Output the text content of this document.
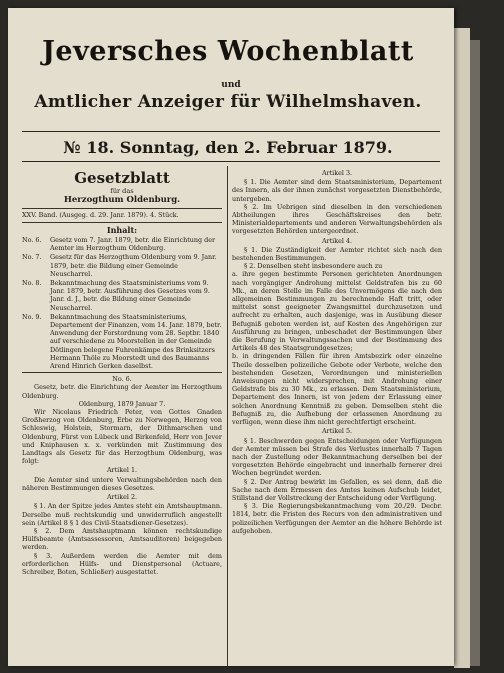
Jeversches Wochenblatt
und
Amtlicher Anzeiger für Wilhelmshaven.
№ 18. Sonntag, den 2. Februar 1879.
Gesetzblatt
für das
Herzogthum Oldenburg.
XXV. Band. (Ausgeg. d. 29. Janr. 1879). 4. Stück.
Inhalt:
No. 6.	Gesetz vom 7. Janr. 1879, betr. die Einrichtung der Aemter im Herzogthum Oldenburg.
No. 7.	Gesetz für das Herzogthum Oldenburg vom 9. Janr. 1879, betr. die Bildung einer Gemeinde Neuscharrel.
No. 8.	Bekanntmachung des Staatsministeriums vom 9. Janr. 1879, betr. Ausführung des Gesetzes vom 9. Janr. d. J., betr. die Bildung einer Gemeinde Neuscharrel.
No. 9.	Bekanntmachung des Staatsministeriums, Departement der Finanzen, vom 14. Janr. 1879, betr. Anwendung der Forstordnung vom 28. Septbr. 1840 auf verschiedene zu Moorstellen in der Gemeinde Dötlingen belegene Fuhrenkämpe des Brinksitzers Hermann Thöle zu Moorstedt und des Baumanns Arend Hinrich Gerken daselbst.
No. 6.
Gesetz, betr. die Einrichtung der Aemter im Herzogthum Oldenburg.
Oldenburg, 1879 Januar 7.
Wir Nicolaus Friedrich Peter, von Gottes Gnaden Großherzog von Oldenburg, Erbe zu Norwegen, Herzog von Schleswig, Holstein, Stormarn, der Dithmarschen und Oldenburg, Fürst von Lübeck und Birkenfeld, Herr von Jever und Kniphausen x. x. verkünden mit Zustimmung des Landtags als Gesetz für das Herzogthum Oldenburg, was folgt:
Artikel 1.
Die Aemter sind untere Verwaltungsbehörden nach den näheren Bestimmungen dieses Gesetzes.
Artikel 2.
§ 1. An der Spitze jedes Amtes steht ein Amtshauptmann. Derselbe muß rechtskundig und unwiderruflich angestellt sein (Artikel 8 § 1 des Civil-Staatsdiener-Gesetzes).
§ 2. Dem Amtshauptmann können rechtskundige Hülfsbeamte (Amtsassessoren, Amtsauditoren) beigegeben werden.
§ 3. Außerdem werden die Aemter mit dem erforderlichen Hülfs- und Dienstpersonal (Actuare, Schreiber, Boten, Schließer) ausgestattet.
Artikel 3.
§ 1. Die Aemter sind dem Staatsministerium, Departement des Innern, als der ihnen zunächst vorgesetzten Dienstbehörde, untergeben.
§ 2. Im Uebrigen sind dieselben in den verschiedenen Abtheilungen ihres Geschäftskreises den betr. Ministerialdepartements und anderen Verwaltungsbehörden als vorgesetzten Behörden untergeordnet.
Artikel 4.
§ 1. Die Zuständigkeit der Aemter richtet sich nach den bestehenden Bestimmungen.
§ 2. Denselben steht insbesondere auch zu
a. ihre gegen bestimmte Personen gerichteten Anordnungen nach vorgängiger Androhung mittelst Geldstrafen bis zu 60 Mk., an deren Stelle im Falle des Unvermögens die nach den allgemeinen Bestimmungen zu berechnende Haft tritt, oder mittelst sonst geeigneter Zwangsmittel durchzusetzen und aufrecht zu erhalten, auch dasjenige, was in Ausübung dieser Befugniß geboten werden ist, auf Kosten des Angehörigen zur Ausführung zu bringen, unbeschadet der Bestimmungen über die Berufung in Verwaltungssachen und der Bestimmung des Artikels 48 des Staatsgrundgesetzes;
b. in dringenden Fällen für ihren Amtsbezirk oder einzelne Theile desselben polizeiliche Gebote oder Verbote, welche den bestehenden Gesetzen, Verordnungen und ministeriellen Anweisungen nicht widersprechen, mit Androhung einer Geldstrafe bis zu 30 Mk., zu erlassen. Dem Staatsministerium, Departement des Innern, ist von jedem der Erlassung einer solchen Anordnung Kenntniß zu geben. Demselben steht die Befugniß zu, die Aufhebung der erlassenen Anordnung zu verfügen, wenn diese ihm nicht gerechtfertigt erscheint.
Artikel 5.
§ 1. Beschwerden gegen Entscheidungen oder Verfügungen der Aemter müssen bei Strafe des Verlustes innerhalb 7 Tagen nach der Zustellung oder Bekanntmachung derselben bei der vorgesetzten Behörde eingebracht und innerhalb fernerer drei Wochen begründet werden.
§ 2. Der Antrag bewirkt im Gefallen, es sei denn, daß die Sache nach dem Ermessen des Amtes keinen Aufschub leidet, Stillstand der Vollstreckung der Entscheidung oder Verfügung.
§ 3. Die Regierungsbekanntmachung vom 20./29. Decbr. 1814, betr. die Fristen des Recurs von den administrativen und polizeilichen Verfügungen der Aemter an die höhere Behörde ist aufgehoben.
